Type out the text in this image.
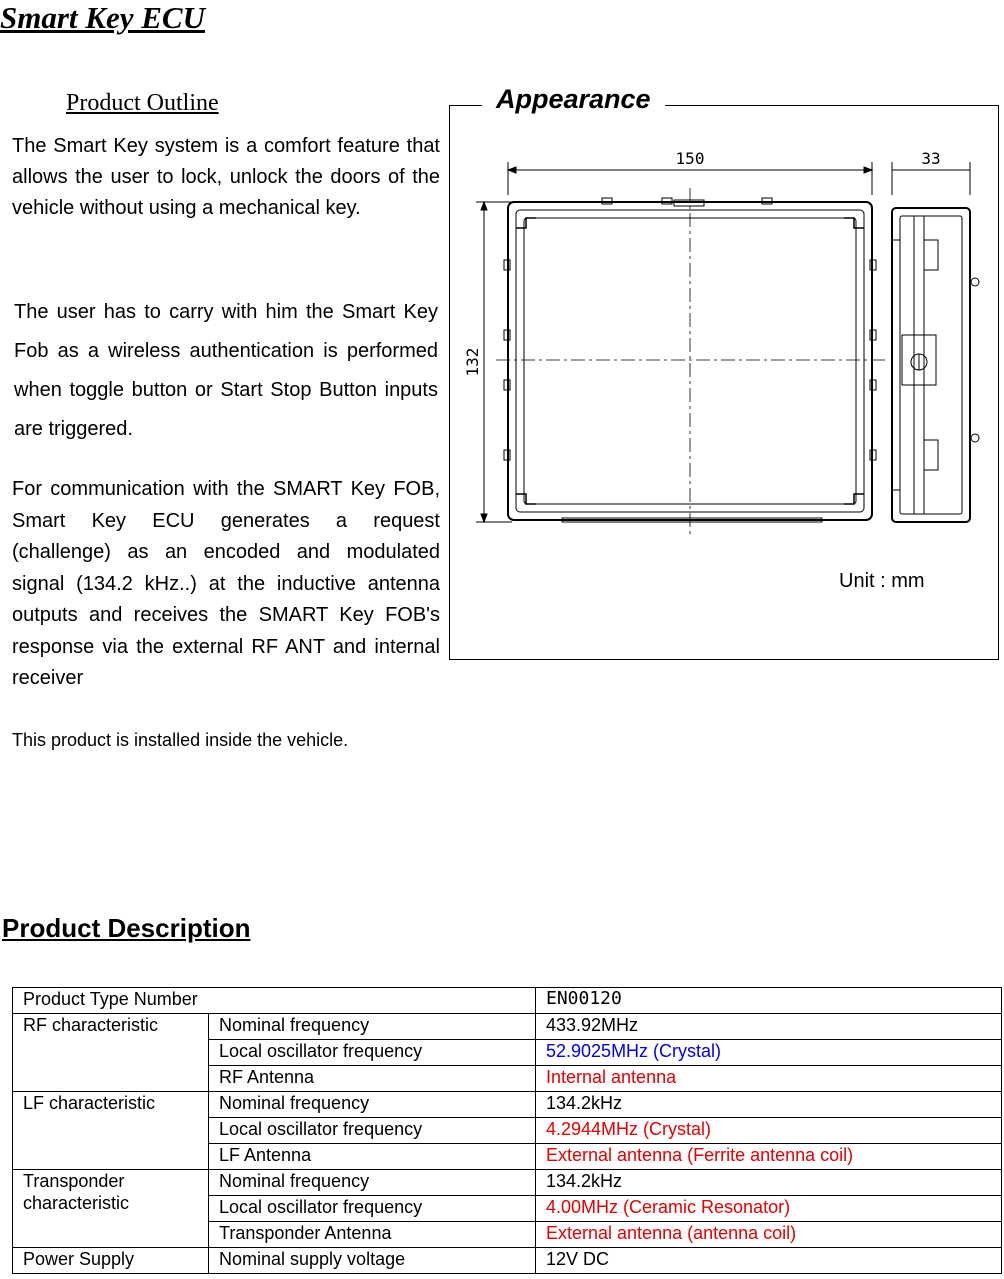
Smart Key ECU
Product Outline
The Smart Key system is a comfort feature that allows the user to lock, unlock the doors of the vehicle without using a mechanical key.
The user has to carry with him the Smart Key Fob as a wireless authentication is performed when toggle button or Start Stop Button inputs are triggered.
For communication with the SMART Key FOB, Smart Key ECU generates a request (challenge) as an encoded and modulated signal (134.2 kHz..) at the inductive antenna outputs and receives the SMART Key FOB's response via the external RF ANT and internal receiver
This product is installed inside the vehicle.
Appearance
150	33
132
Unit : mm
Product Description
Product Type Number		EN00120
RF characteristic	Nominal frequency	433.92MHz
	Local oscillator frequency	52.9025MHz (Crystal)
	RF Antenna	Internal antenna
LF characteristic	Nominal frequency	134.2kHz
	Local oscillator frequency	4.2944MHz (Crystal)
	LF Antenna	External antenna (Ferrite antenna coil)

Transponder
characteristic	Nominal frequency	134.2kHz
	Local oscillator frequency	4.00MHz (Ceramic Resonator)
	Transponder Antenna	External antenna (antenna coil)
Power Supply	Nominal supply voltage	12V DC
